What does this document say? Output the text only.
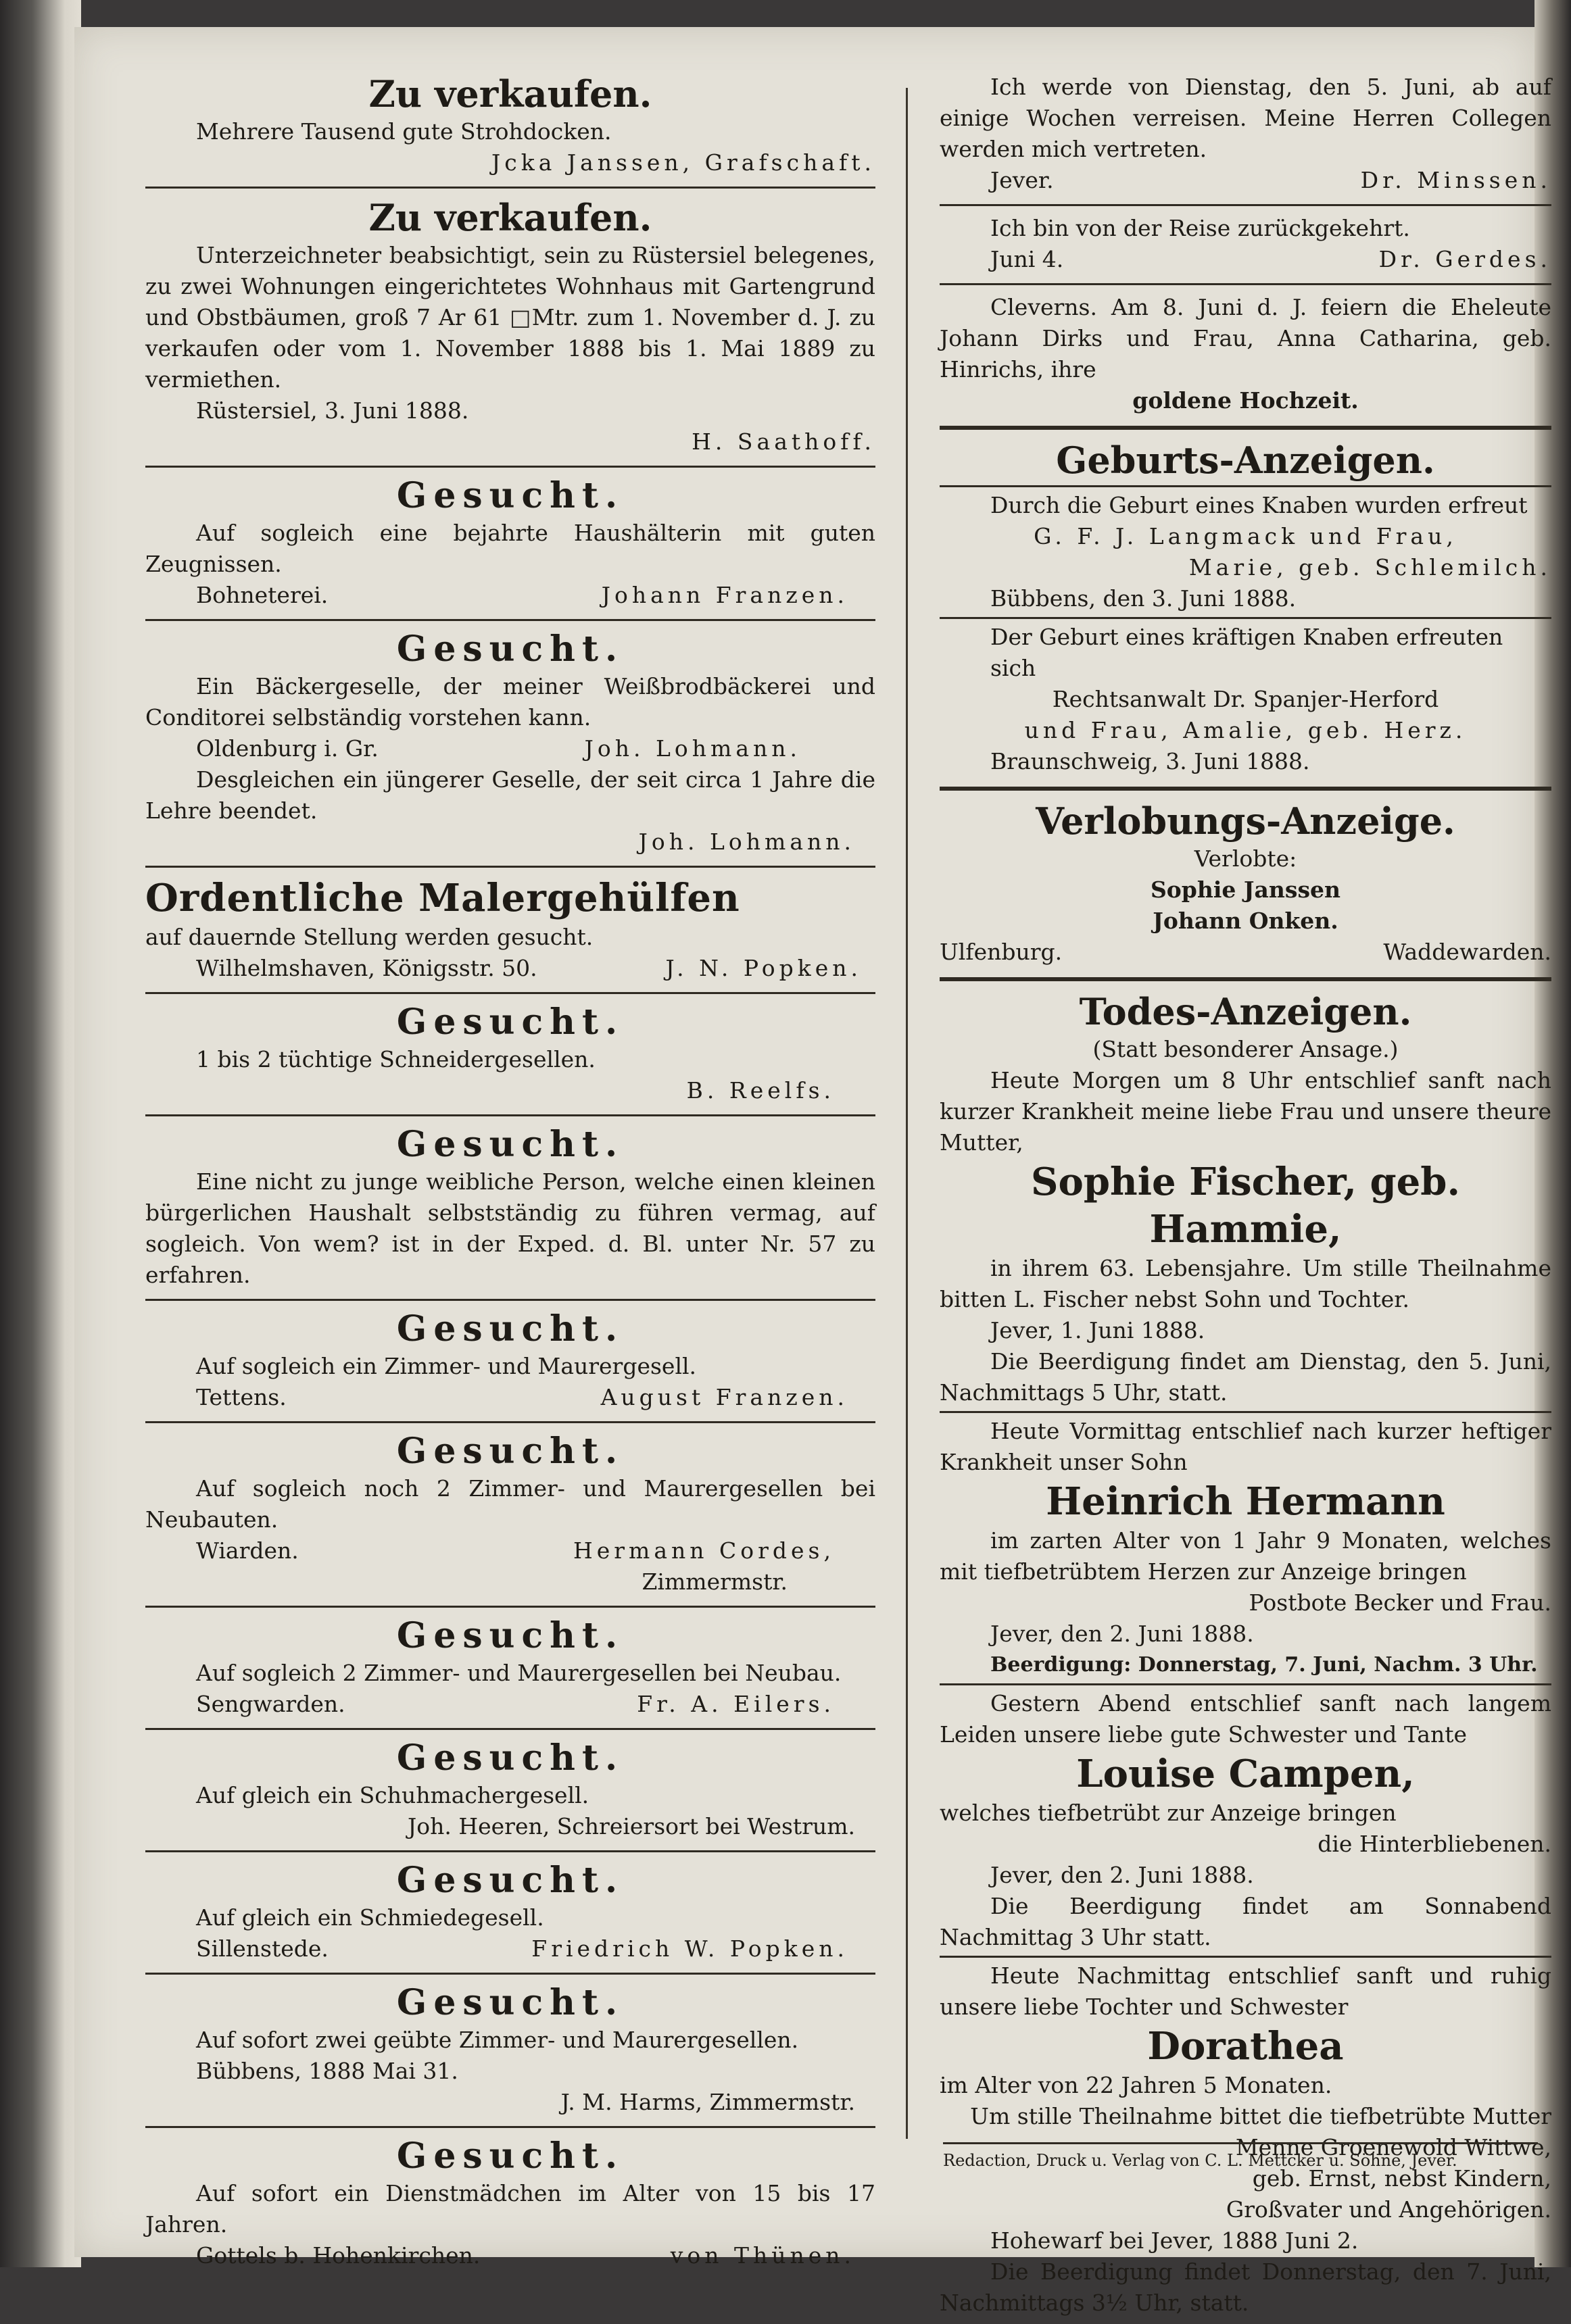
Zu verkaufen.
Mehrere Tausend gute Strohdocken.
Jcka Janssen, Grafschaft.
Zu verkaufen.
Unterzeichneter beabsichtigt, sein zu Rüstersiel belegenes, zu zwei Wohnungen eingerichtetes Wohnhaus mit Gartengrund und Obstbäumen, groß 7 Ar 61 □Mtr. zum 1. November d. J. zu verkaufen oder vom 1. November 1888 bis 1. Mai 1889 zu vermiethen.
Rüstersiel, 3. Juni 1888.
H. Saathoff.
Gesucht.
Auf sogleich eine bejahrte Haushälterin mit guten Zeugnissen.
Bohneterei.	Johann Franzen.
Gesucht.
Ein Bäckergeselle, der meiner Weißbrodbäckerei und Conditorei selbständig vorstehen kann.
Oldenburg i. Gr.	Joh. Lohmann.
Desgleichen ein jüngerer Geselle, der seit circa 1 Jahre die Lehre beendet.
Joh. Lohmann.
Ordentliche Malergehülfen
auf dauernde Stellung werden gesucht.
Wilhelmshaven, Königsstr. 50.	J. N. Popken.
Gesucht.
1 bis 2 tüchtige Schneidergesellen.
B. Reelfs.
Gesucht.
Eine nicht zu junge weibliche Person, welche einen kleinen bürgerlichen Haushalt selbstständig zu führen vermag, auf sogleich. Von wem? ist in der Exped. d. Bl. unter Nr. 57 zu erfahren.
Gesucht.
Auf sogleich ein Zimmer- und Maurergesell.
Tettens.	August Franzen.
Gesucht.
Auf sogleich noch 2 Zimmer- und Maurergesellen bei Neubauten.
Wiarden.	Hermann Cordes,
Zimmermstr.
Gesucht.
Auf sogleich 2 Zimmer- und Maurergesellen bei Neubau.
Sengwarden.	Fr. A. Eilers.
Gesucht.
Auf gleich ein Schuhmachergesell.
Joh. Heeren, Schreiersort bei Westrum.
Gesucht.
Auf gleich ein Schmiedegesell.
Sillenstede.	Friedrich W. Popken.
Gesucht.
Auf sofort zwei geübte Zimmer- und Maurergesellen.
Bübbens, 1888 Mai 31.
J. M. Harms, Zimmermstr.
Gesucht.
Auf sofort ein Dienstmädchen im Alter von 15 bis 17 Jahren.
Gottels b. Hohenkirchen.	von Thünen.
Ich werde von Dienstag, den 5. Juni, ab auf einige Wochen verreisen. Meine Herren Collegen werden mich vertreten.
Jever.	Dr. Minssen.
Ich bin von der Reise zurückgekehrt.
Juni 4.	Dr. Gerdes.
Cleverns. Am 8. Juni d. J. feiern die Eheleute Johann Dirks und Frau, Anna Catharina, geb. Hinrichs, ihre
goldene Hochzeit.
Geburts-Anzeigen.
Durch die Geburt eines Knaben wurden erfreut
G. F. J. Langmack und Frau,
Marie, geb. Schlemilch.
Bübbens, den 3. Juni 1888.
Der Geburt eines kräftigen Knaben erfreuten sich
Rechtsanwalt Dr. Spanjer-Herford
und Frau, Amalie, geb. Herz.
Braunschweig, 3. Juni 1888.
Verlobungs-Anzeige.
Verlobte:
Sophie Janssen
Johann Onken.
Ulfenburg.	Waddewarden.
Todes-Anzeigen.
(Statt besonderer Ansage.)
Heute Morgen um 8 Uhr entschlief sanft nach kurzer Krankheit meine liebe Frau und unsere theure Mutter,
Sophie Fischer, geb. Hammie,
in ihrem 63. Lebensjahre. Um stille Theilnahme bitten L. Fischer nebst Sohn und Tochter.
Jever, 1. Juni 1888.
Die Beerdigung findet am Dienstag, den 5. Juni, Nachmittags 5 Uhr, statt.
Heute Vormittag entschlief nach kurzer heftiger Krankheit unser Sohn
Heinrich Hermann
im zarten Alter von 1 Jahr 9 Monaten, welches mit tiefbetrübtem Herzen zur Anzeige bringen
Postbote Becker und Frau.
Jever, den 2. Juni 1888.
Beerdigung: Donnerstag, 7. Juni, Nachm. 3 Uhr.
Gestern Abend entschlief sanft nach langem Leiden unsere liebe gute Schwester und Tante
Louise Campen,
welches tiefbetrübt zur Anzeige bringen
die Hinterbliebenen.
Jever, den 2. Juni 1888.
Die Beerdigung findet am Sonnabend Nachmittag 3 Uhr statt.
Heute Nachmittag entschlief sanft und ruhig unsere liebe Tochter und Schwester
Dorathea
im Alter von 22 Jahren 5 Monaten.
Um stille Theilnahme bittet die tiefbetrübte Mutter
Menne Groenewold Wittwe,
geb. Ernst, nebst Kindern,
Großvater und Angehörigen.
Hohewarf bei Jever, 1888 Juni 2.
Die Beerdigung findet Donnerstag, den 7. Juni, Nachmittags 3½ Uhr, statt.
Redaction, Druck u. Verlag von C. L. Mettcker u. Söhne, Jever.
